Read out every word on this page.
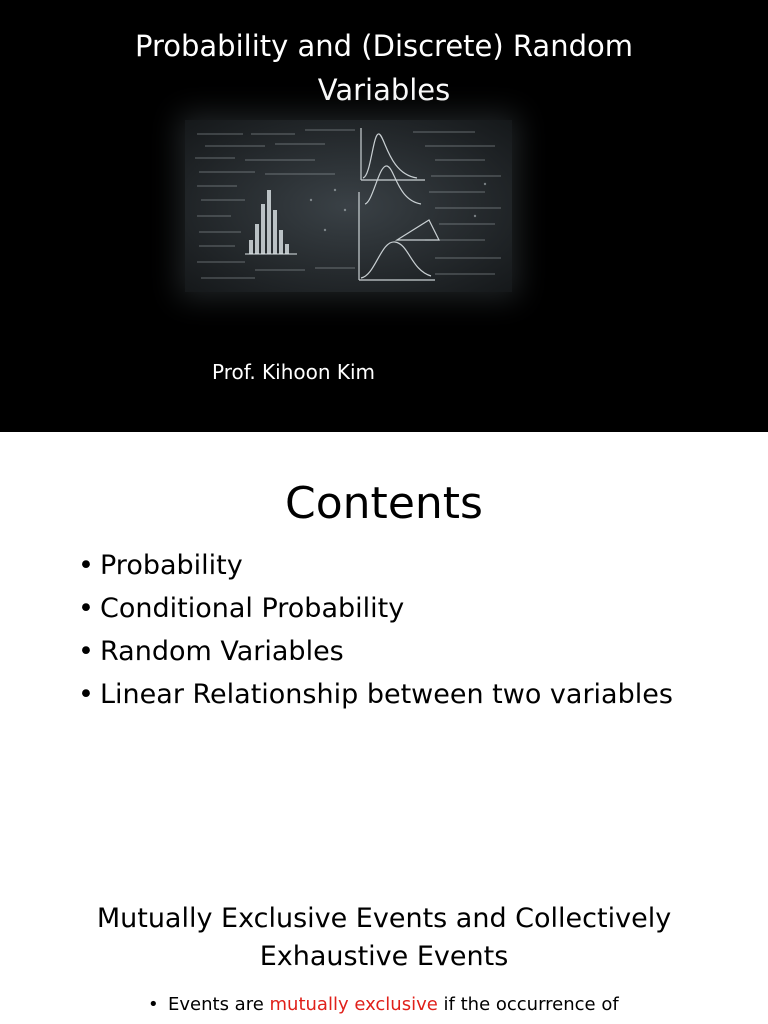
Probability and (Discrete) Random
Variables
Prof. Kihoon Kim
Contents
• Probability
• Conditional Probability
• Random Variables
• Linear Relationship between two variables
Mutually Exclusive Events and Collectively
Exhaustive Events
• Events are mutually exclusive if the occurrence of
